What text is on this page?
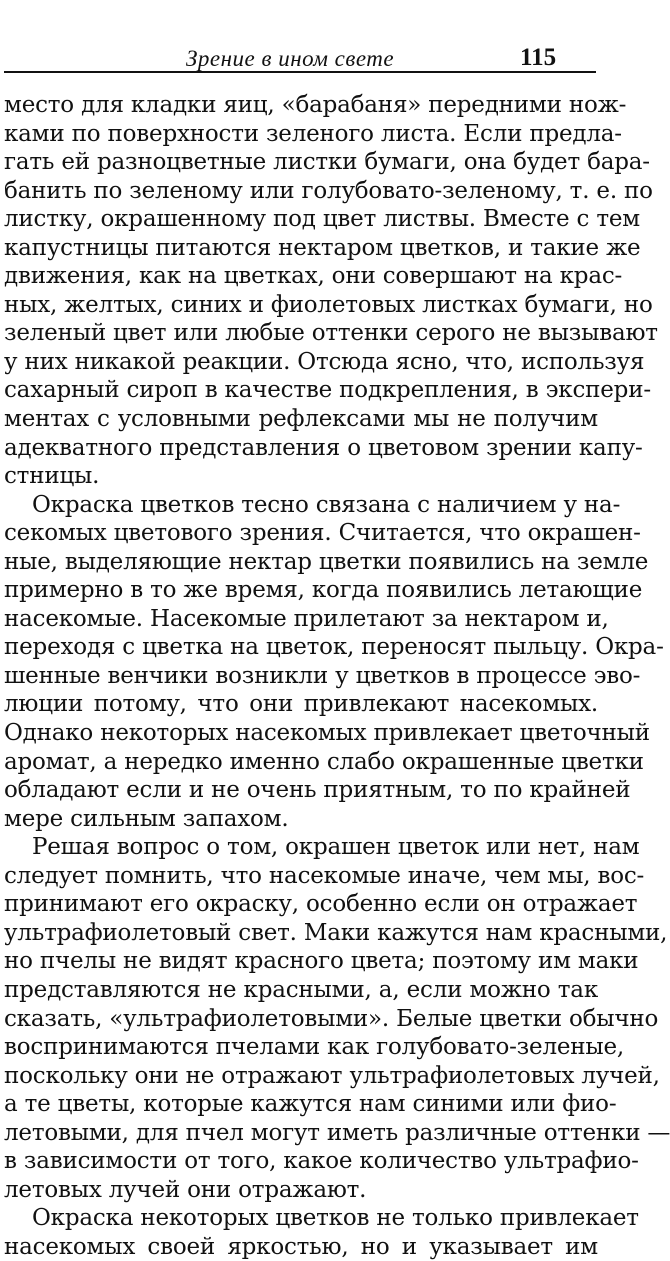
Зрение в ином свете	115
место для кладки яиц, «барабаня» передними нож-
ками по поверхности зеленого листа. Если предла-
гать ей разноцветные листки бумаги, она будет бара-
банить по зеленому или голубовато-зеленому, т. е. по
листку, окрашенному под цвет листвы. Вместе с тем
капустницы питаются нектаром цветков, и такие же
движения, как на цветках, они совершают на крас-
ных, желтых, синих и фиолетовых листках бумаги, но
зеленый цвет или любые оттенки серого не вызывают
у них никакой реакции. Отсюда ясно, что, используя
сахарный сироп в качестве подкрепления, в экспери-
ментах с условными рефлексами мы не получим
адекватного представления о цветовом зрении капу-
стницы.
Окраска цветков тесно связана с наличием у на-
секомых цветового зрения. Считается, что окрашен-
ные, выделяющие нектар цветки появились на земле
примерно в то же время, когда появились летающие
насекомые. Насекомые прилетают за нектаром и,
переходя с цветка на цветок, переносят пыльцу. Окра-
шенные венчики возникли у цветков в процессе эво-
люции потому, что они привлекают насекомых.
Однако некоторых насекомых привлекает цветочный
аромат, а нередко именно слабо окрашенные цветки
обладают если и не очень приятным, то по крайней
мере сильным запахом.
Решая вопрос о том, окрашен цветок или нет, нам
следует помнить, что насекомые иначе, чем мы, вос-
принимают его окраску, особенно если он отражает
ультрафиолетовый свет. Маки кажутся нам красными,
но пчелы не видят красного цвета; поэтому им маки
представляются не красными, а, если можно так
сказать, «ультрафиолетовыми». Белые цветки обычно
воспринимаются пчелами как голубовато-зеленые,
поскольку они не отражают ультрафиолетовых лучей,
а те цветы, которые кажутся нам синими или фио-
летовыми, для пчел могут иметь различные оттенки —
в зависимости от того, какое количество ультрафио-
летовых лучей они отражают.
Окраска некоторых цветков не только привлекает
насекомых своей яркостью, но и указывает им
